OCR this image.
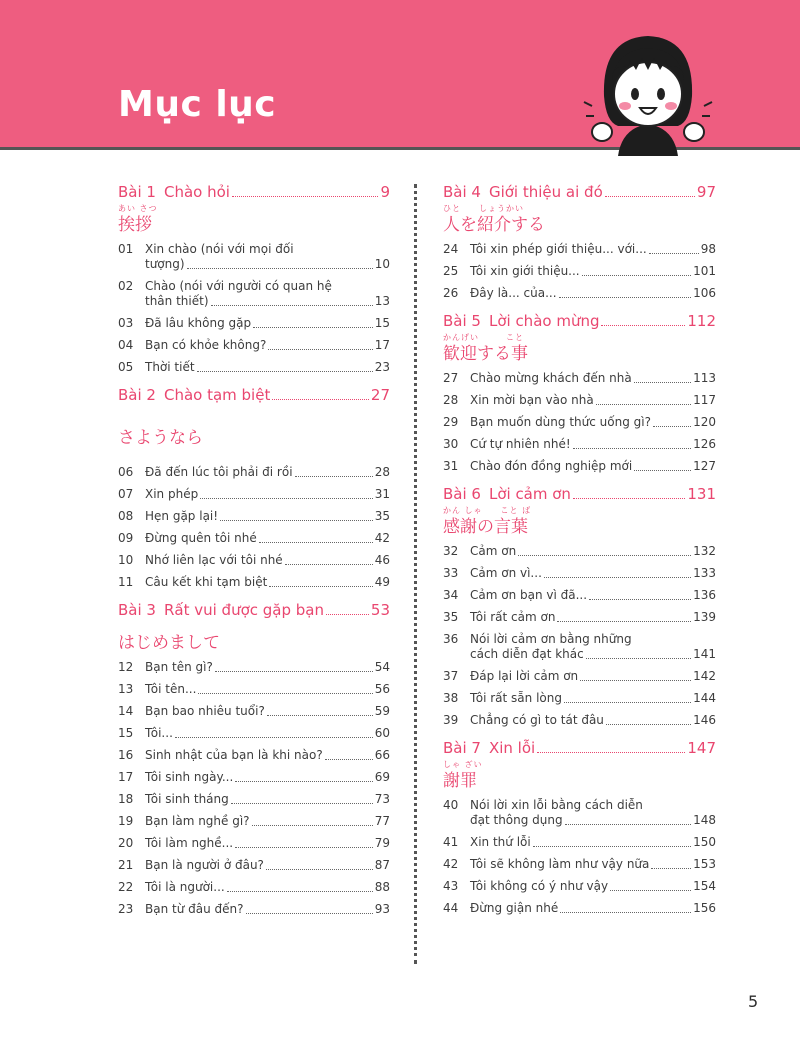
Mục lục
Bài 1 Chào hỏi	9
あい さつ
挨拶
01 Xin chào (nói với mọi đối
tượng)	10
02 Chào (nói với người có quan hệ
thân thiết)	13
03 Đã lâu không gặp	15
04 Bạn có khỏe không?	17
05 Thời tiết	23
Bài 2 Chào tạm biệt	27
さようなら
06 Đã đến lúc tôi phải đi rồi	28
07 Xin phép	31
08 Hẹn gặp lại!	35
09 Đừng quên tôi nhé	42
10 Nhớ liên lạc với tôi nhé	46
11 Câu kết khi tạm biệt	49
Bài 3 Rất vui được gặp bạn	53
はじめまして
12 Bạn tên gì?	54
13 Tôi tên...	56
14 Bạn bao nhiêu tuổi?	59
15 Tôi...	60
16 Sinh nhật của bạn là khi nào?	66
17 Tôi sinh ngày...	69
18 Tôi sinh tháng	73
19 Bạn làm nghề gì?	77
20 Tôi làm nghề...	79
21 Bạn là người ở đâu?	87
22 Tôi là người...	88
23 Bạn từ đâu đến?	93
Bài 4 Giới thiệu ai đó	97
ひと　　しょうかい
人を紹介する
24 Tôi xin phép giới thiệu... với...	98
25 Tôi xin giới thiệu...	101
26 Đây là... của...	106
Bài 5 Lời chào mừng	112
かんげい　　　こと
歓迎する事
27 Chào mừng khách đến nhà	113
28 Xin mời bạn vào nhà	117
29 Bạn muốn dùng thức uống gì?	120
30 Cứ tự nhiên nhé!	126
31 Chào đón đồng nghiệp mới	127
Bài 6 Lời cảm ơn	131
かん しゃ　　こと ば
感謝の言葉
32 Cảm ơn	132
33 Cảm ơn vì...	133
34 Cảm ơn bạn vì đã...	136
35 Tôi rất cảm ơn	139
36 Nói lời cảm ơn bằng những
cách diễn đạt khác	141
37 Đáp lại lời cảm ơn	142
38 Tôi rất sẵn lòng	144
39 Chẳng có gì to tát đâu	146
Bài 7 Xin lỗi	147
しゃ ざい
謝罪
40 Nói lời xin lỗi bằng cách diễn
đạt thông dụng	148
41 Xin thứ lỗi	150
42 Tôi sẽ không làm như vậy nữa	153
43 Tôi không có ý như vậy	154
44 Đừng giận nhé	156
5
